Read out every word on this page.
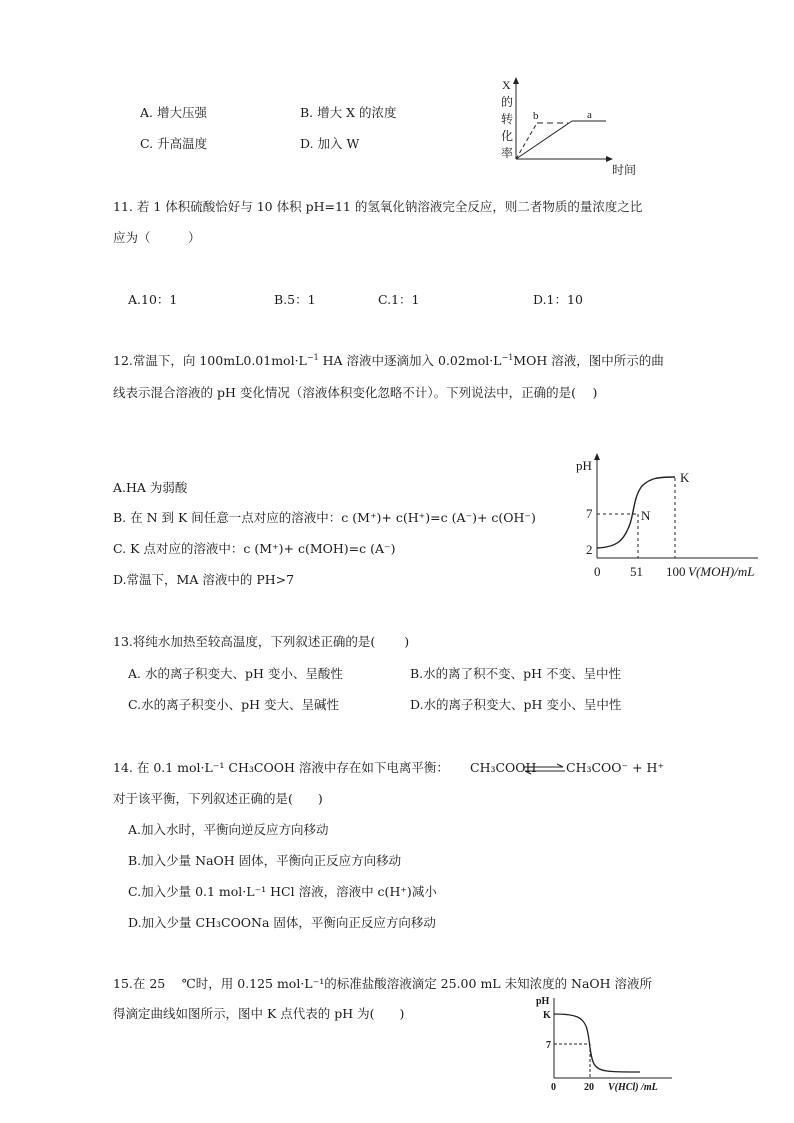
A. 增大压强	B. 增大 X 的浓度
C. 升高温度	D. 加入 W
X
的
转
化
率
时间
b	a
11. 若 1 体积硫酸恰好与 10 体积 pH=11 的氢氧化钠溶液完全反应，则二者物质的量浓度之比
应为（　　　）
A.10：1	B.5：1	C.1：1	D.1：10
12.常温下，向 $100mL0.01mol\cdot L^{-1}$ HA 溶液中逐滴加入 $0.02mol\cdot L^{-1}MOH$ 溶液，图中所示的曲
线表示混合溶液的 pH 变化情况（溶液体积变化忽略不计）。下列说法中，正确的是(　 )
A.HA 为弱酸
B. 在 N 到 K 间任意一点对应的溶液中：c (M⁺)+ c(H⁺)=c (A⁻)+ c(OH⁻)
C. K 点对应的溶液中：c (M⁺)+ c(MOH)=c (A⁻)
D.常温下，MA 溶液中的 PH>7
pH
7
2
0 51 100 V(MOH)/mL
N
K
13.将纯水加热至较高温度，下列叙述正确的是(　　 )
A. 水的离子积变大、pH 变小、呈酸性	B.水的离了积不变、pH 不变、呈中性
C.水的离子积变小、pH 变大、呈碱性	D.水的离子积变大、pH 变小、呈中性
14. 在 0.1 mol·L⁻¹ CH₃COOH 溶液中存在如下电离平衡： CH₃COOH CH₃COO⁻ + H⁺
对于该平衡，下列叙述正确的是(　　)
A.加入水时，平衡向逆反应方向移动
B.加入少量 NaOH 固体，平衡向正反应方向移动
C.加入少量 0.1 mol·L⁻¹ HCl 溶液，溶液中 c(H⁺)减小
D.加入少量 CH₃COONa 固体，平衡向正反应方向移动
15.在 25　 ℃时，用 0.125 mol·L⁻¹的标准盐酸溶液滴定 25.00 mL 未知浓度的 NaOH 溶液所
得滴定曲线如图所示，图中 K 点代表的 pH 为(　　)
pH
K
7
0	20 V(HCl) /mL
